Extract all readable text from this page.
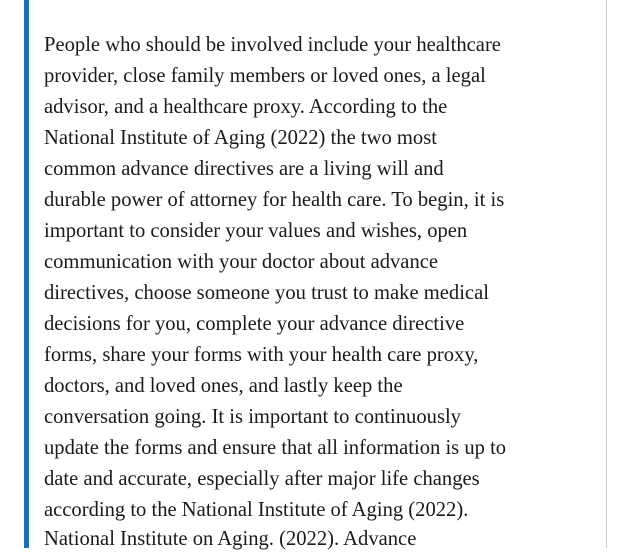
People who should be involved include your healthcare
provider, close family members or loved ones, a legal
advisor, and a healthcare proxy. According to the
National Institute of Aging (2022) the two most
common advance directives are a living will and
durable power of attorney for health care. To begin, it is
important to consider your values and wishes, open
communication with your doctor about advance
directives, choose someone you trust to make medical
decisions for you, complete your advance directive
forms, share your forms with your health care proxy,
doctors, and loved ones, and lastly keep the
conversation going. It is important to continuously
update the forms and ensure that all information is up to
date and accurate, especially after major life changes
according to the National Institute of Aging (2022).

National Institute on Aging. (2022). Advance
